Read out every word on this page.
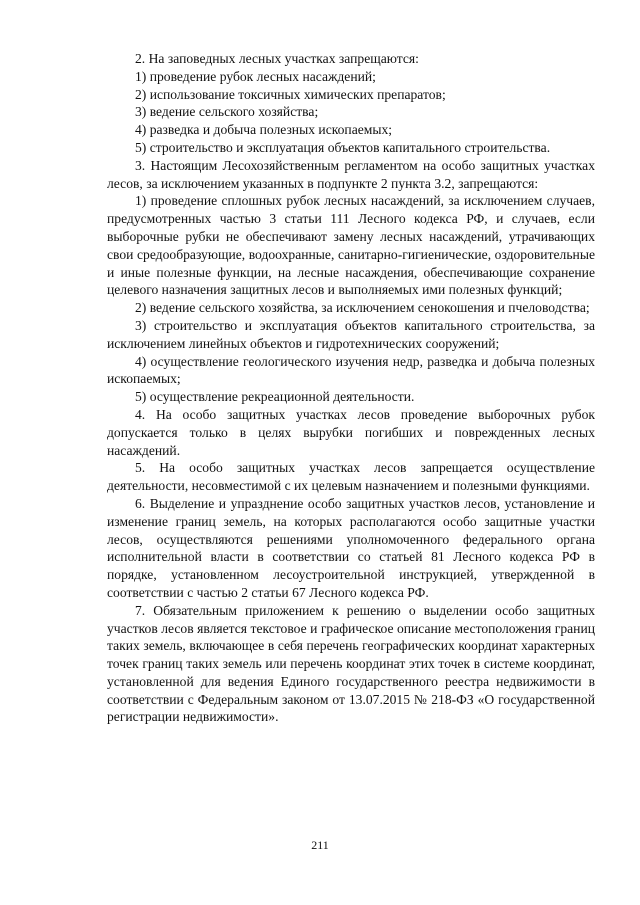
2. На заповедных лесных участках запрещаются:

1) проведение рубок лесных насаждений;

2) использование токсичных химических препаратов;

3) ведение сельского хозяйства;

4) разведка и добыча полезных ископаемых;

5) строительство и эксплуатация объектов капитального строительства.

3. Настоящим Лесохозяйственным регламентом на особо защитных участках лесов, за исключением указанных в подпункте 2 пункта 3.2, запрещаются:

1) проведение сплошных рубок лесных насаждений, за исключением случаев, предусмотренных частью 3 статьи 111 Лесного кодекса РФ, и случаев, если выборочные рубки не обеспечивают замену лесных насаждений, утрачивающих свои средообразующие, водоохранные, санитарно-гигиенические, оздоровительные и иные полезные функции, на лесные насаждения, обеспечивающие сохранение целевого назначения защитных лесов и выполняемых ими полезных функций;

2) ведение сельского хозяйства, за исключением сенокошения и пчеловодства;

3) строительство и эксплуатация объектов капитального строительства, за исключением линейных объектов и гидротехнических сооружений;

4) осуществление геологического изучения недр, разведка и добыча полезных ископаемых;

5) осуществление рекреационной деятельности.

4. На особо защитных участках лесов проведение выборочных рубок допускается только в целях вырубки погибших и поврежденных лесных насаждений.

5. На особо защитных участках лесов запрещается осуществление деятельности, несовместимой с их целевым назначением и полезными функциями.

6. Выделение и упразднение особо защитных участков лесов, установление и изменение границ земель, на которых располагаются особо защитные участки лесов, осуществляются решениями уполномоченного федерального органа исполнительной власти в соответствии со статьей 81 Лесного кодекса РФ в порядке, установленном лесоустроительной инструкцией, утвержденной в соответствии с частью 2 статьи 67 Лесного кодекса РФ.

7. Обязательным приложением к решению о выделении особо защитных участков лесов является текстовое и графическое описание местоположения границ таких земель, включающее в себя перечень географических координат характерных точек границ таких земель или перечень координат этих точек в системе координат, установленной для ведения Единого государственного реестра недвижимости в соответствии с Федеральным законом от 13.07.2015 № 218-ФЗ «О государственной регистрации недвижимости».

211
